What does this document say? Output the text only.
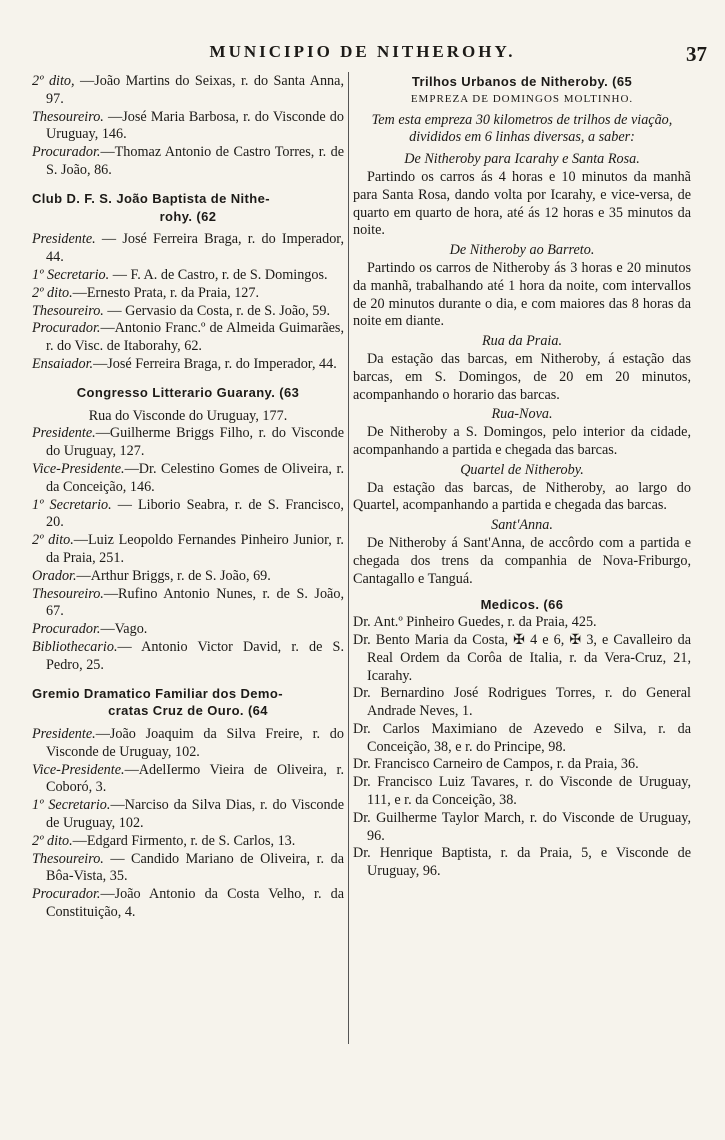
MUNICIPIO DE NITHEROHY.	37

2º dito, —João Martins do Seixas, r. do Santa Anna, 97.

Thesoureiro. —José Maria Barbosa, r. do Visconde do Uruguay, 146.

Procurador.—Thomaz Antonio de Castro Torres, r. de S. João, 86.

Club D. F. S. João Baptista de Nithe-
rohy. (62

Presidente. — José Ferreira Braga, r. do Imperador, 44.

1º Secretario. — F. A. de Castro, r. de S. Domingos.

2º dito.—Ernesto Prata, r. da Praia, 127.

Thesoureiro. — Gervasio da Costa, r. de S. João, 59.

Procurador.—Antonio Franc.º de Almeida Guimarães, r. do Visc. de Itaborahy, 62.

Ensaiador.—José Ferreira Braga, r. do Imperador, 44.

Congresso Litterario Guarany. (63

Rua do Visconde do Uruguay, 177.

Presidente.—Guilherme Briggs Filho, r. do Visconde do Uruguay, 127.

Vice-Presidente.—Dr. Celestino Gomes de Oliveira, r. da Conceição, 146.

1º Secretario. — Liborio Seabra, r. de S. Francisco, 20.

2º dito.—Luiz Leopoldo Fernandes Pinheiro Junior, r. da Praia, 251.

Orador.—Arthur Briggs, r. de S. João, 69.

Thesoureiro.—Rufino Antonio Nunes, r. de S. João, 67.

Procurador.—Vago.

Bibliothecario.— Antonio Victor David, r. de S. Pedro, 25.

Gremio Dramatico Familiar dos Demo-
cratas Cruz de Ouro. (64

Presidente.—João Joaquim da Silva Freire, r. do Visconde de Uruguay, 102.

Vice-Presidente.—AdelIermo Vieira de Oliveira, r. Coboró, 3.

1º Secretario.—Narciso da Silva Dias, r. do Visconde de Uruguay, 102.

2º dito.—Edgard Firmento, r. de S. Carlos, 13.

Thesoureiro. — Candido Mariano de Oliveira, r. da Bôa-Vista, 35.

Procurador.—João Antonio da Costa Velho, r. da Constituição, 4.

Trilhos Urbanos de Nitheroby. (65

EMPREZA DE DOMINGOS MOLTINHO.

Tem esta empreza 30 kilometros de trilhos de viação, divididos em 6 linhas diversas, a saber:

De Nitheroby para Icarahy e Santa Rosa.

Partindo os carros ás 4 horas e 10 minutos da manhã para Santa Rosa, dando volta por Icarahy, e vice-versa, de quarto em quarto de hora, até ás 12 horas e 35 minutos da noite.

De Nitheroby ao Barreto.

Partindo os carros de Nitheroby ás 3 horas e 20 minutos da manhã, trabalhando até 1 hora da noite, com intervallos de 20 minutos durante o dia, e com maiores das 8 horas da noite em diante.

Rua da Praia.

Da estação das barcas, em Nitheroby, á estação das barcas, em S. Domingos, de 20 em 20 minutos, acompanhando o horario das barcas.

Rua-Nova.

De Nitheroby a S. Domingos, pelo interior da cidade, acompanhando a partida e chegada das barcas.

Quartel de Nitheroby.

Da estação das barcas, de Nitheroby, ao largo do Quartel, acompanhando a partida e chegada das barcas.

Sant'Anna.

De Nitheroby á Sant'Anna, de accôrdo com a partida e chegada dos trens da companhia de Nova-Friburgo, Cantagallo e Tanguá.

Medicos. (66

Dr. Ant.º Pinheiro Guedes, r. da Praia, 425.

Dr. Bento Maria da Costa, ✠ 4 e 6, ✠ 3, e Cavalleiro da Real Ordem da Corôa de Italia, r. da Vera-Cruz, 21, Icarahy.

Dr. Bernardino José Rodrigues Torres, r. do General Andrade Neves, 1.

Dr. Carlos Maximiano de Azevedo e Silva, r. da Conceição, 38, e r. do Principe, 98.

Dr. Francisco Carneiro de Campos, r. da Praia, 36.

Dr. Francisco Luiz Tavares, r. do Visconde de Uruguay, 111, e r. da Conceição, 38.

Dr. Guilherme Taylor March, r. do Visconde de Uruguay, 96.

Dr. Henrique Baptista, r. da Praia, 5, e Visconde de Uruguay, 96.
